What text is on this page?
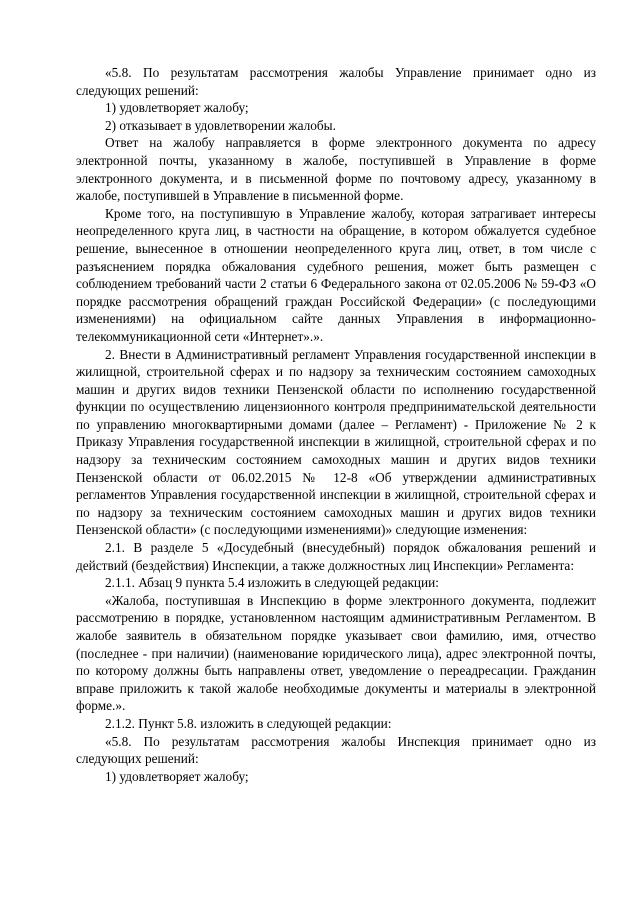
«5.8. По результатам рассмотрения жалобы Управление принимает одно из следующих решений:

1) удовлетворяет жалобу;

2) отказывает в удовлетворении жалобы.

Ответ на жалобу направляется в форме электронного документа по адресу электронной почты, указанному в жалобе, поступившей в Управление в форме электронного документа, и в письменной форме по почтовому адресу, указанному в жалобе, поступившей в Управление в письменной форме.

Кроме того, на поступившую в Управление жалобу, которая затрагивает интересы неопределенного круга лиц, в частности на обращение, в котором обжалуется судебное решение, вынесенное в отношении неопределенного круга лиц, ответ, в том числе с разъяснением порядка обжалования судебного решения, может быть размещен с соблюдением требований части 2 статьи 6 Федерального закона от 02.05.2006 № 59-ФЗ «О порядке рассмотрения обращений граждан Российской Федерации» (с последующими изменениями) на официальном сайте данных Управления в информационно-телекоммуникационной сети «Интернет».».

2. Внести в Административный регламент Управления государственной инспекции в жилищной, строительной сферах и по надзору за техническим состоянием самоходных машин и других видов техники Пензенской области по исполнению государственной функции по осуществлению лицензионного контроля предпринимательской деятельности по управлению многоквартирными домами (далее – Регламент) - Приложение № 2 к Приказу Управления государственной инспекции в жилищной, строительной сферах и по надзору за техническим состоянием самоходных машин и других видов техники Пензенской области от 06.02.2015 № 12-8 «Об утверждении административных регламентов Управления государственной инспекции в жилищной, строительной сферах и по надзору за техническим состоянием самоходных машин и других видов техники Пензенской области» (с последующими изменениями)» следующие изменения:

2.1. В разделе 5 «Досудебный (внесудебный) порядок обжалования решений и действий (бездействия) Инспекции, а также должностных лиц Инспекции» Регламента:

2.1.1. Абзац 9 пункта 5.4 изложить в следующей редакции:

«Жалоба, поступившая в Инспекцию в форме электронного документа, подлежит рассмотрению в порядке, установленном настоящим административным Регламентом. В жалобе заявитель в обязательном порядке указывает свои фамилию, имя, отчество (последнее - при наличии) (наименование юридического лица), адрес электронной почты, по которому должны быть направлены ответ, уведомление о переадресации. Гражданин вправе приложить к такой жалобе необходимые документы и материалы в электронной форме.».

2.1.2. Пункт 5.8. изложить в следующей редакции:

«5.8. По результатам рассмотрения жалобы Инспекция принимает одно из следующих решений:

1) удовлетворяет жалобу;
